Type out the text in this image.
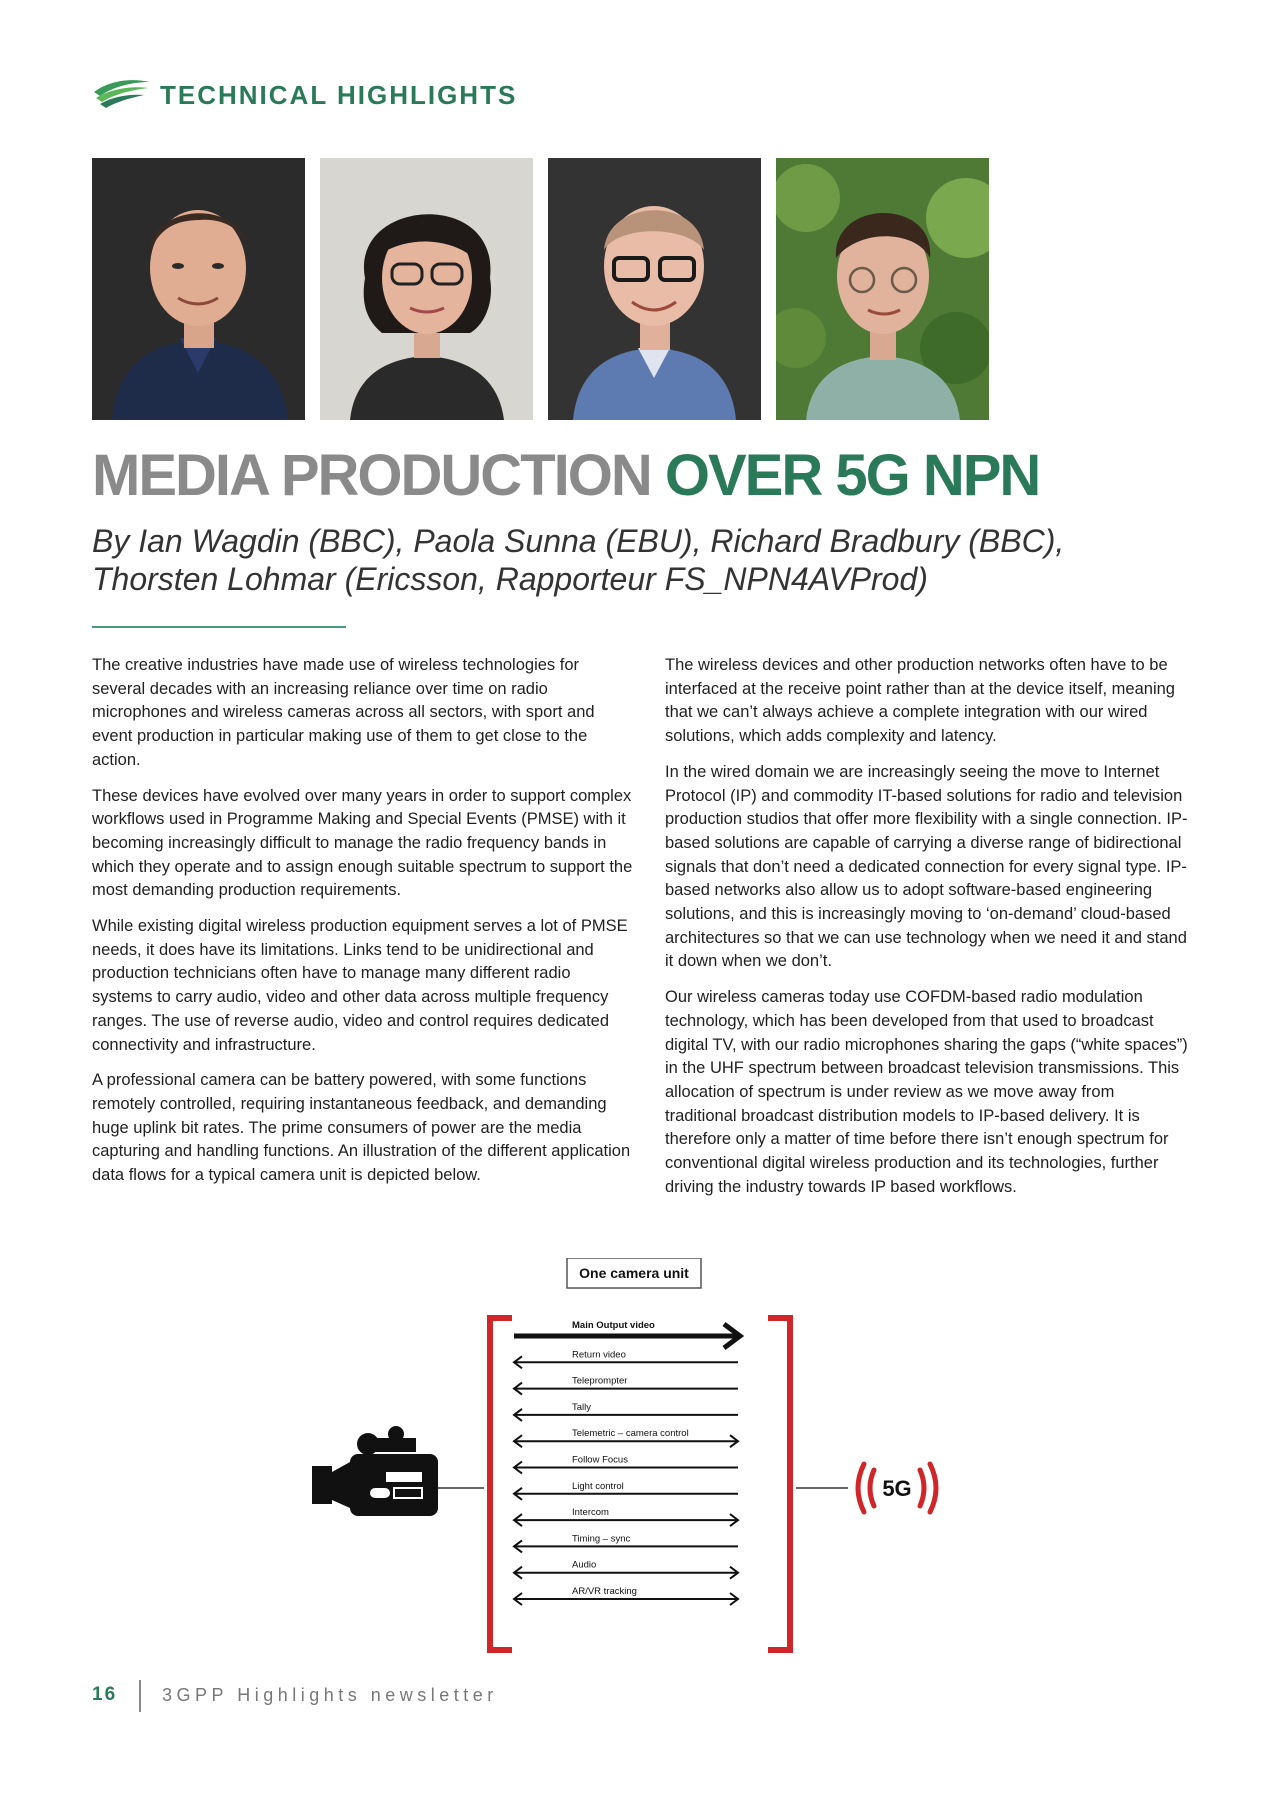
TECHNICAL HIGHLIGHTS
MEDIA PRODUCTION OVER 5G NPN
By Ian Wagdin (BBC), Paola Sunna (EBU), Richard Bradbury (BBC),
Thorsten Lohmar (Ericsson, Rapporteur FS_NPN4AVProd)

The creative industries have made use of wireless technologies for several decades with an increasing reliance over time on radio microphones and wireless cameras across all sectors, with sport and event production in particular making use of them to get close to the action.

These devices have evolved over many years in order to support complex workflows used in Programme Making and Special Events (PMSE) with it becoming increasingly difficult to manage the radio frequency bands in which they operate and to assign enough suitable spectrum to support the most demanding production requirements.

While existing digital wireless production equipment serves a lot of PMSE needs, it does have its limitations. Links tend to be unidirectional and production technicians often have to manage many different radio systems to carry audio, video and other data across multiple frequency ranges. The use of reverse audio, video and control requires dedicated connectivity and infrastructure.

A professional camera can be battery powered, with some functions remotely controlled, requiring instantaneous feedback, and demanding huge uplink bit rates. The prime consumers of power are the media capturing and handling functions. An illustration of the different application data flows for a typical camera unit is depicted below.

The wireless devices and other production networks often have to be interfaced at the receive point rather than at the device itself, meaning that we can’t always achieve a complete integration with our wired solutions, which adds complexity and latency.

In the wired domain we are increasingly seeing the move to Internet Protocol (IP) and commodity IT-based solutions for radio and television production studios that offer more flexibility with a single connection. IP-based solutions are capable of carrying a diverse range of bidirectional signals that don’t need a dedicated connection for every signal type. IP-based networks also allow us to adopt software-based engineering solutions, and this is increasingly moving to ‘on-demand’ cloud-based architectures so that we can use technology when we need it and stand it down when we don’t.

Our wireless cameras today use COFDM-based radio modulation technology, which has been developed from that used to broadcast digital TV, with our radio microphones sharing the gaps (“white spaces”) in the UHF spectrum between broadcast television transmissions. This allocation of spectrum is under review as we move away from traditional broadcast distribution models to IP-based delivery. It is therefore only a matter of time before there isn’t enough spectrum for conventional digital wireless production and its technologies, further driving the industry towards IP based workflows.

One camera unit
5G
Main Output video
Return video
Teleprompter
Tally
Telemetric – camera control
Follow Focus
Light control
Intercom
Timing – sync
Audio
AR/VR tracking
16 3GPP Highlights newsletter
